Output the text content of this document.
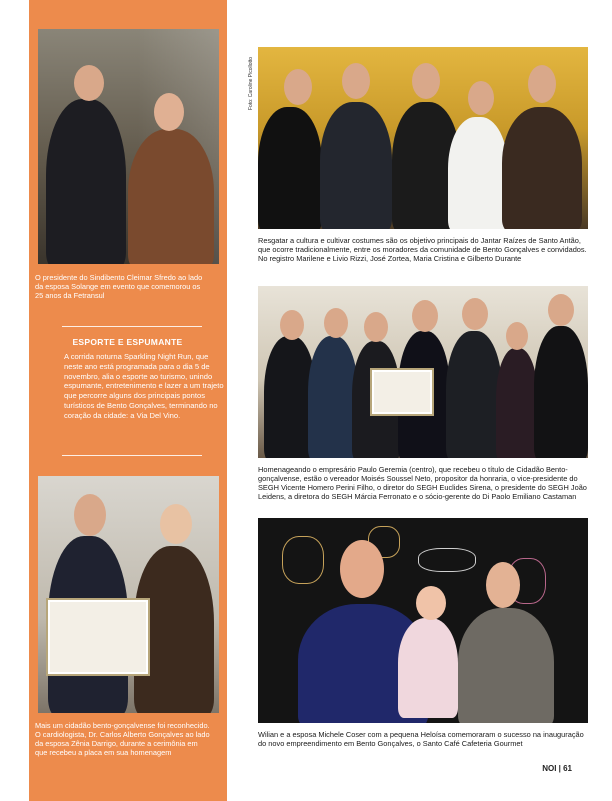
O presidente do Sindibento Cleimar Sfredo ao lado da esposa Solange em evento que comemorou os 25 anos da Fetransul

ESPORTE E ESPUMANTE

A corrida noturna Sparkling Night Run, que neste ano está programada para o dia 5 de novembro, alia o esporte ao turismo, unindo espumante, entretenimento e lazer a um trajeto que percorre alguns dos principais pontos turísticos de Bento Gonçalves, terminando no coração da cidade: a Via Del Vino.

Mais um cidadão bento-gonçalvense foi reconhecido. O cardiologista, Dr. Carlos Alberto Gonçalves ao lado da esposa Zênia Darrigo, durante a cerimônia em que recebeu a placa em sua homenagem

Foto: Caroline Picollotto

Resgatar a cultura e cultivar costumes são os objetivo principais do Jantar Raízes de Santo Antão, que ocorre tradicionalmente, entre os moradores da comunidade de Bento Gonçalves e convidados. No registro Marilene e Livio Rizzi, José Zortea, Maria Cristina e Gilberto Durante

Homenageando o empresário Paulo Geremia (centro), que recebeu o título de Cidadão Bento-gonçalvense, estão o vereador Moisés Soussel Neto, propositor da honraria, o vice-presidente do SEGH Vicente Homero Perini Filho, o diretor do SEGH Euclides Sirena, o presidente do SEGH João Leidens, a diretora do SEGH Márcia Ferronato e o sócio-gerente do Di Paolo Emiliano Castaman

Wilian e a esposa Michele Coser com a pequena Heloísa comemoraram o sucesso na inauguração do novo empreendimento em Bento Gonçalves, o Santo Café Cafeteria Gourmet

NOI | 61
